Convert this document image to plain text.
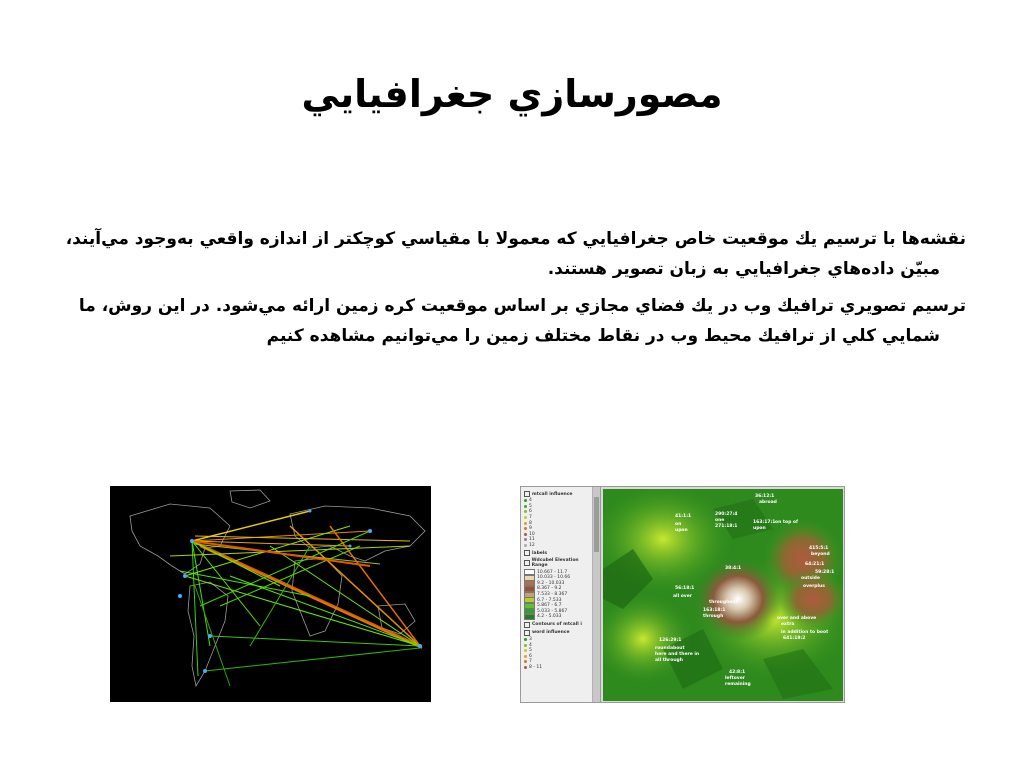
مصورسازي جغرافيايي
نقشه‌ها با ترسيم يك موقعيت خاص جغرافيايي كه معمولا با مقياسي كوچكتر از اندازه واقعي به‌وجود مي‌آيند،
مبيّن داده‌هاي جغرافيايي به زبان تصوير هستند.
ترسيم تصويري ترافيك وب در يك فضاي مجازي بر اساس موقعيت كره زمين ارائه مي‌شود. در اين روش، ما
شمايي كلي از ترافيك محيط وب در نقاط مختلف زمين را مي‌توانيم مشاهده كنيم
mtcall influence
4
5
6
7
8
9
10
11
12
labels
Wdcubel Elevation Range
10.667 - 11.7
10.033 - 10.66
9.2 - 10.033
8.367 - 9.2
7.533 - 8.367
6.7 - 7.533
5.867 - 6.7
5.033 - 5.867
4.2 - 5.033
Contours of mtcall i
word influence
3
4
5
6
7
8 - 11
36:12:1
41:1:1
on
upon
290:27:4
one
271:18:1
163:17:1 on top of
upon
415:5:1
beyond
56:18:1
all over
throughout
163:18:1
through	over and above
extra
in addition to boot
641:19:2
126:29:1
roundabout
here and there in
all through
42:8:1
leftover
remaining
59:28:1
38:4:1
abroad
outside
overplus
64:21:1
